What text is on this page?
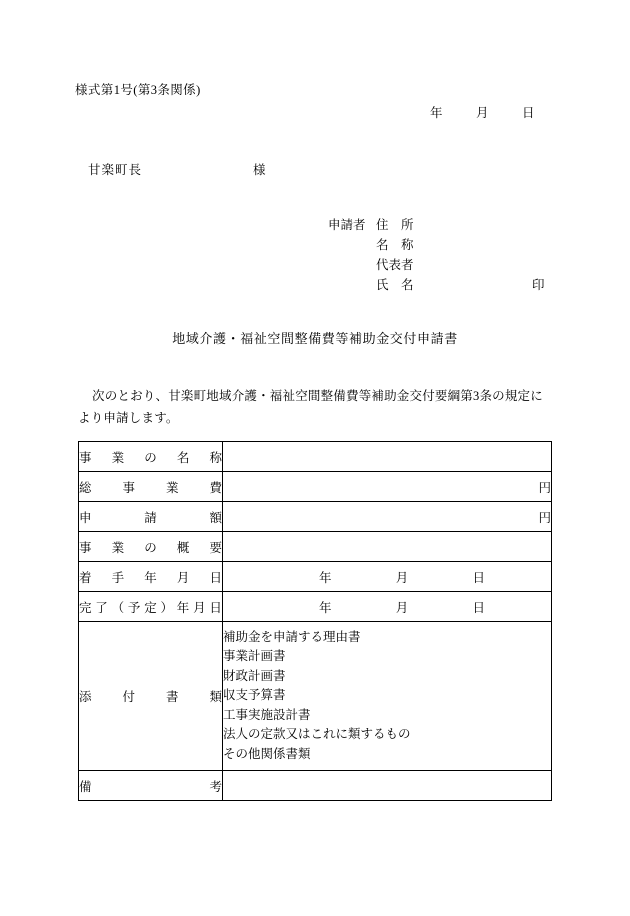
様式第1号(第3条関係)
年	月	日
甘楽町長	様
申請者 住　所
名　称
代表者
氏　名	印
地域介護・福祉空間整備費等補助金交付申請書
次のとおり、甘楽町地域介護・福祉空間整備費等補助金交付要綱第3条の規定により申請します。
事 業 の 名 称	

総 事 業 費	円

申 請 額	円

事 業 の 概 要	

着 手 年 月 日	年 月 日

完 了 （ 予 定 ） 年 月 日	年	月	日

添 付 書 類

補助金を申請する理由書
事業計画書
財政計画書
収支予算書
工事実施設計書
法人の定款又はこれに類するもの
その他関係書類

備 考	
